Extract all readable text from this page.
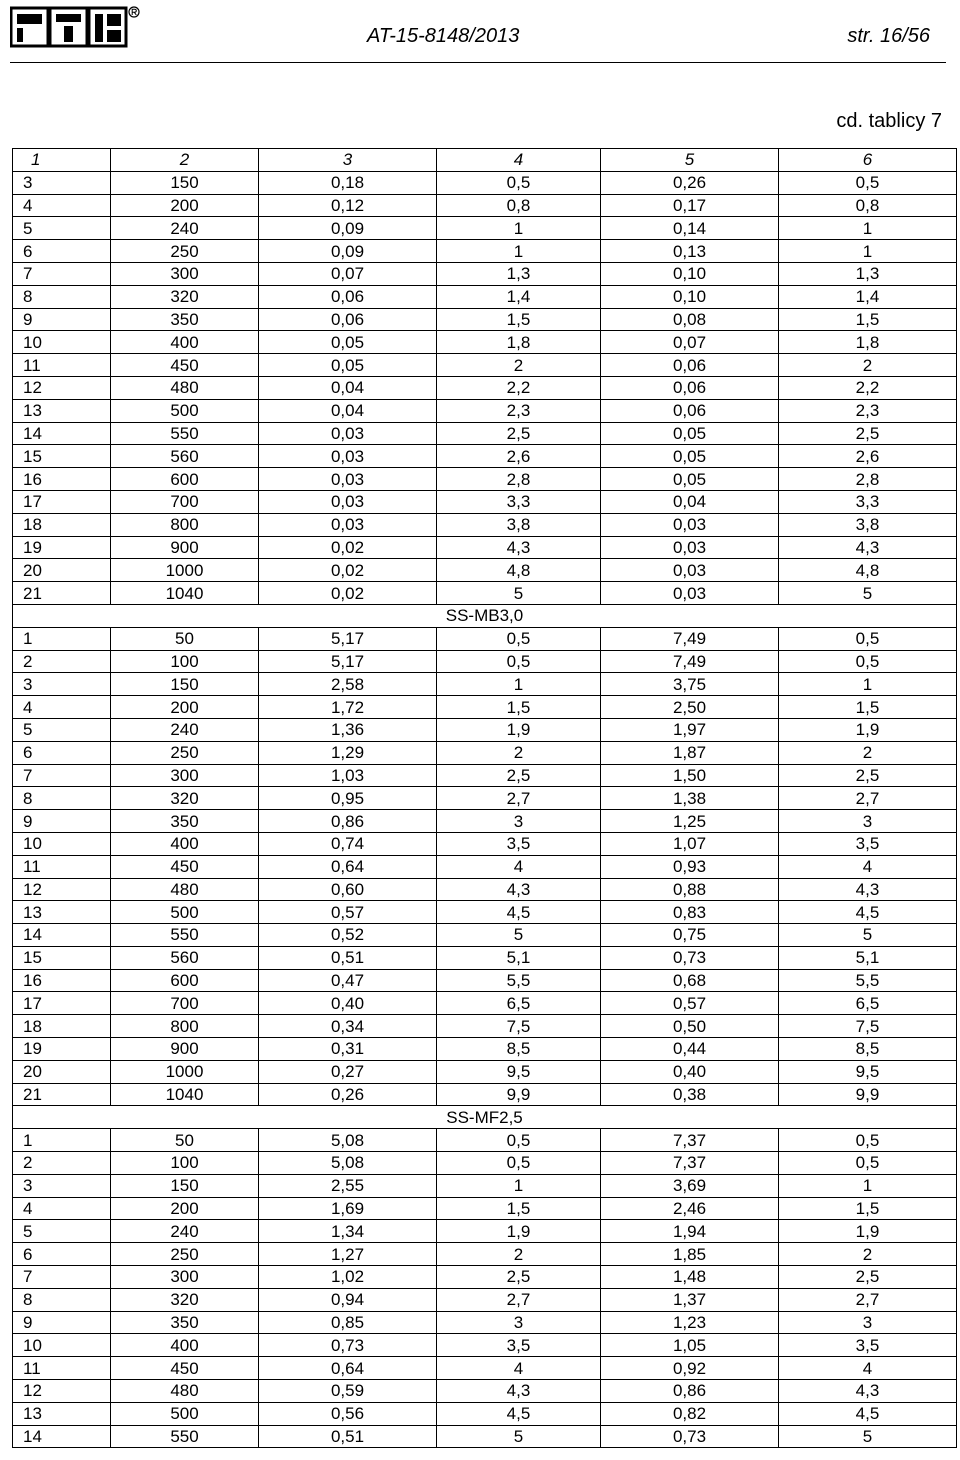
AT-15-8148/2013	str. 16/56
cd. tablicy 7
1	2	3	4	5	6
3	150	0,18	0,5	0,26	0,5
4	200	0,12	0,8	0,17	0,8
5	240	0,09	1	0,14	1
6	250	0,09	1	0,13	1
7	300	0,07	1,3	0,10	1,3
8	320	0,06	1,4	0,10	1,4
9	350	0,06	1,5	0,08	1,5
10	400	0,05	1,8	0,07	1,8
11	450	0,05	2	0,06	2
12	480	0,04	2,2	0,06	2,2
13	500	0,04	2,3	0,06	2,3
14	550	0,03	2,5	0,05	2,5
15	560	0,03	2,6	0,05	2,6
16	600	0,03	2,8	0,05	2,8
17	700	0,03	3,3	0,04	3,3
18	800	0,03	3,8	0,03	3,8
19	900	0,02	4,3	0,03	4,3
20	1000	0,02	4,8	0,03	4,8
21	1040	0,02	5	0,03	5
SS-MB3,0					
1	50	5,17	0,5	7,49	0,5
2	100	5,17	0,5	7,49	0,5
3	150	2,58	1	3,75	1
4	200	1,72	1,5	2,50	1,5
5	240	1,36	1,9	1,97	1,9
6	250	1,29	2	1,87	2
7	300	1,03	2,5	1,50	2,5
8	320	0,95	2,7	1,38	2,7
9	350	0,86	3	1,25	3
10	400	0,74	3,5	1,07	3,5
11	450	0,64	4	0,93	4
12	480	0,60	4,3	0,88	4,3
13	500	0,57	4,5	0,83	4,5
14	550	0,52	5	0,75	5
15	560	0,51	5,1	0,73	5,1
16	600	0,47	5,5	0,68	5,5
17	700	0,40	6,5	0,57	6,5
18	800	0,34	7,5	0,50	7,5
19	900	0,31	8,5	0,44	8,5
20	1000	0,27	9,5	0,40	9,5
21	1040	0,26	9,9	0,38	9,9
SS-MF2,5					
1	50	5,08	0,5	7,37	0,5
2	100	5,08	0,5	7,37	0,5
3	150	2,55	1	3,69	1
4	200	1,69	1,5	2,46	1,5
5	240	1,34	1,9	1,94	1,9
6	250	1,27	2	1,85	2
7	300	1,02	2,5	1,48	2,5
8	320	0,94	2,7	1,37	2,7
9	350	0,85	3	1,23	3
10	400	0,73	3,5	1,05	3,5
11	450	0,64	4	0,92	4
12	480	0,59	4,3	0,86	4,3
13	500	0,56	4,5	0,82	4,5
14	550	0,51	5	0,73	5
